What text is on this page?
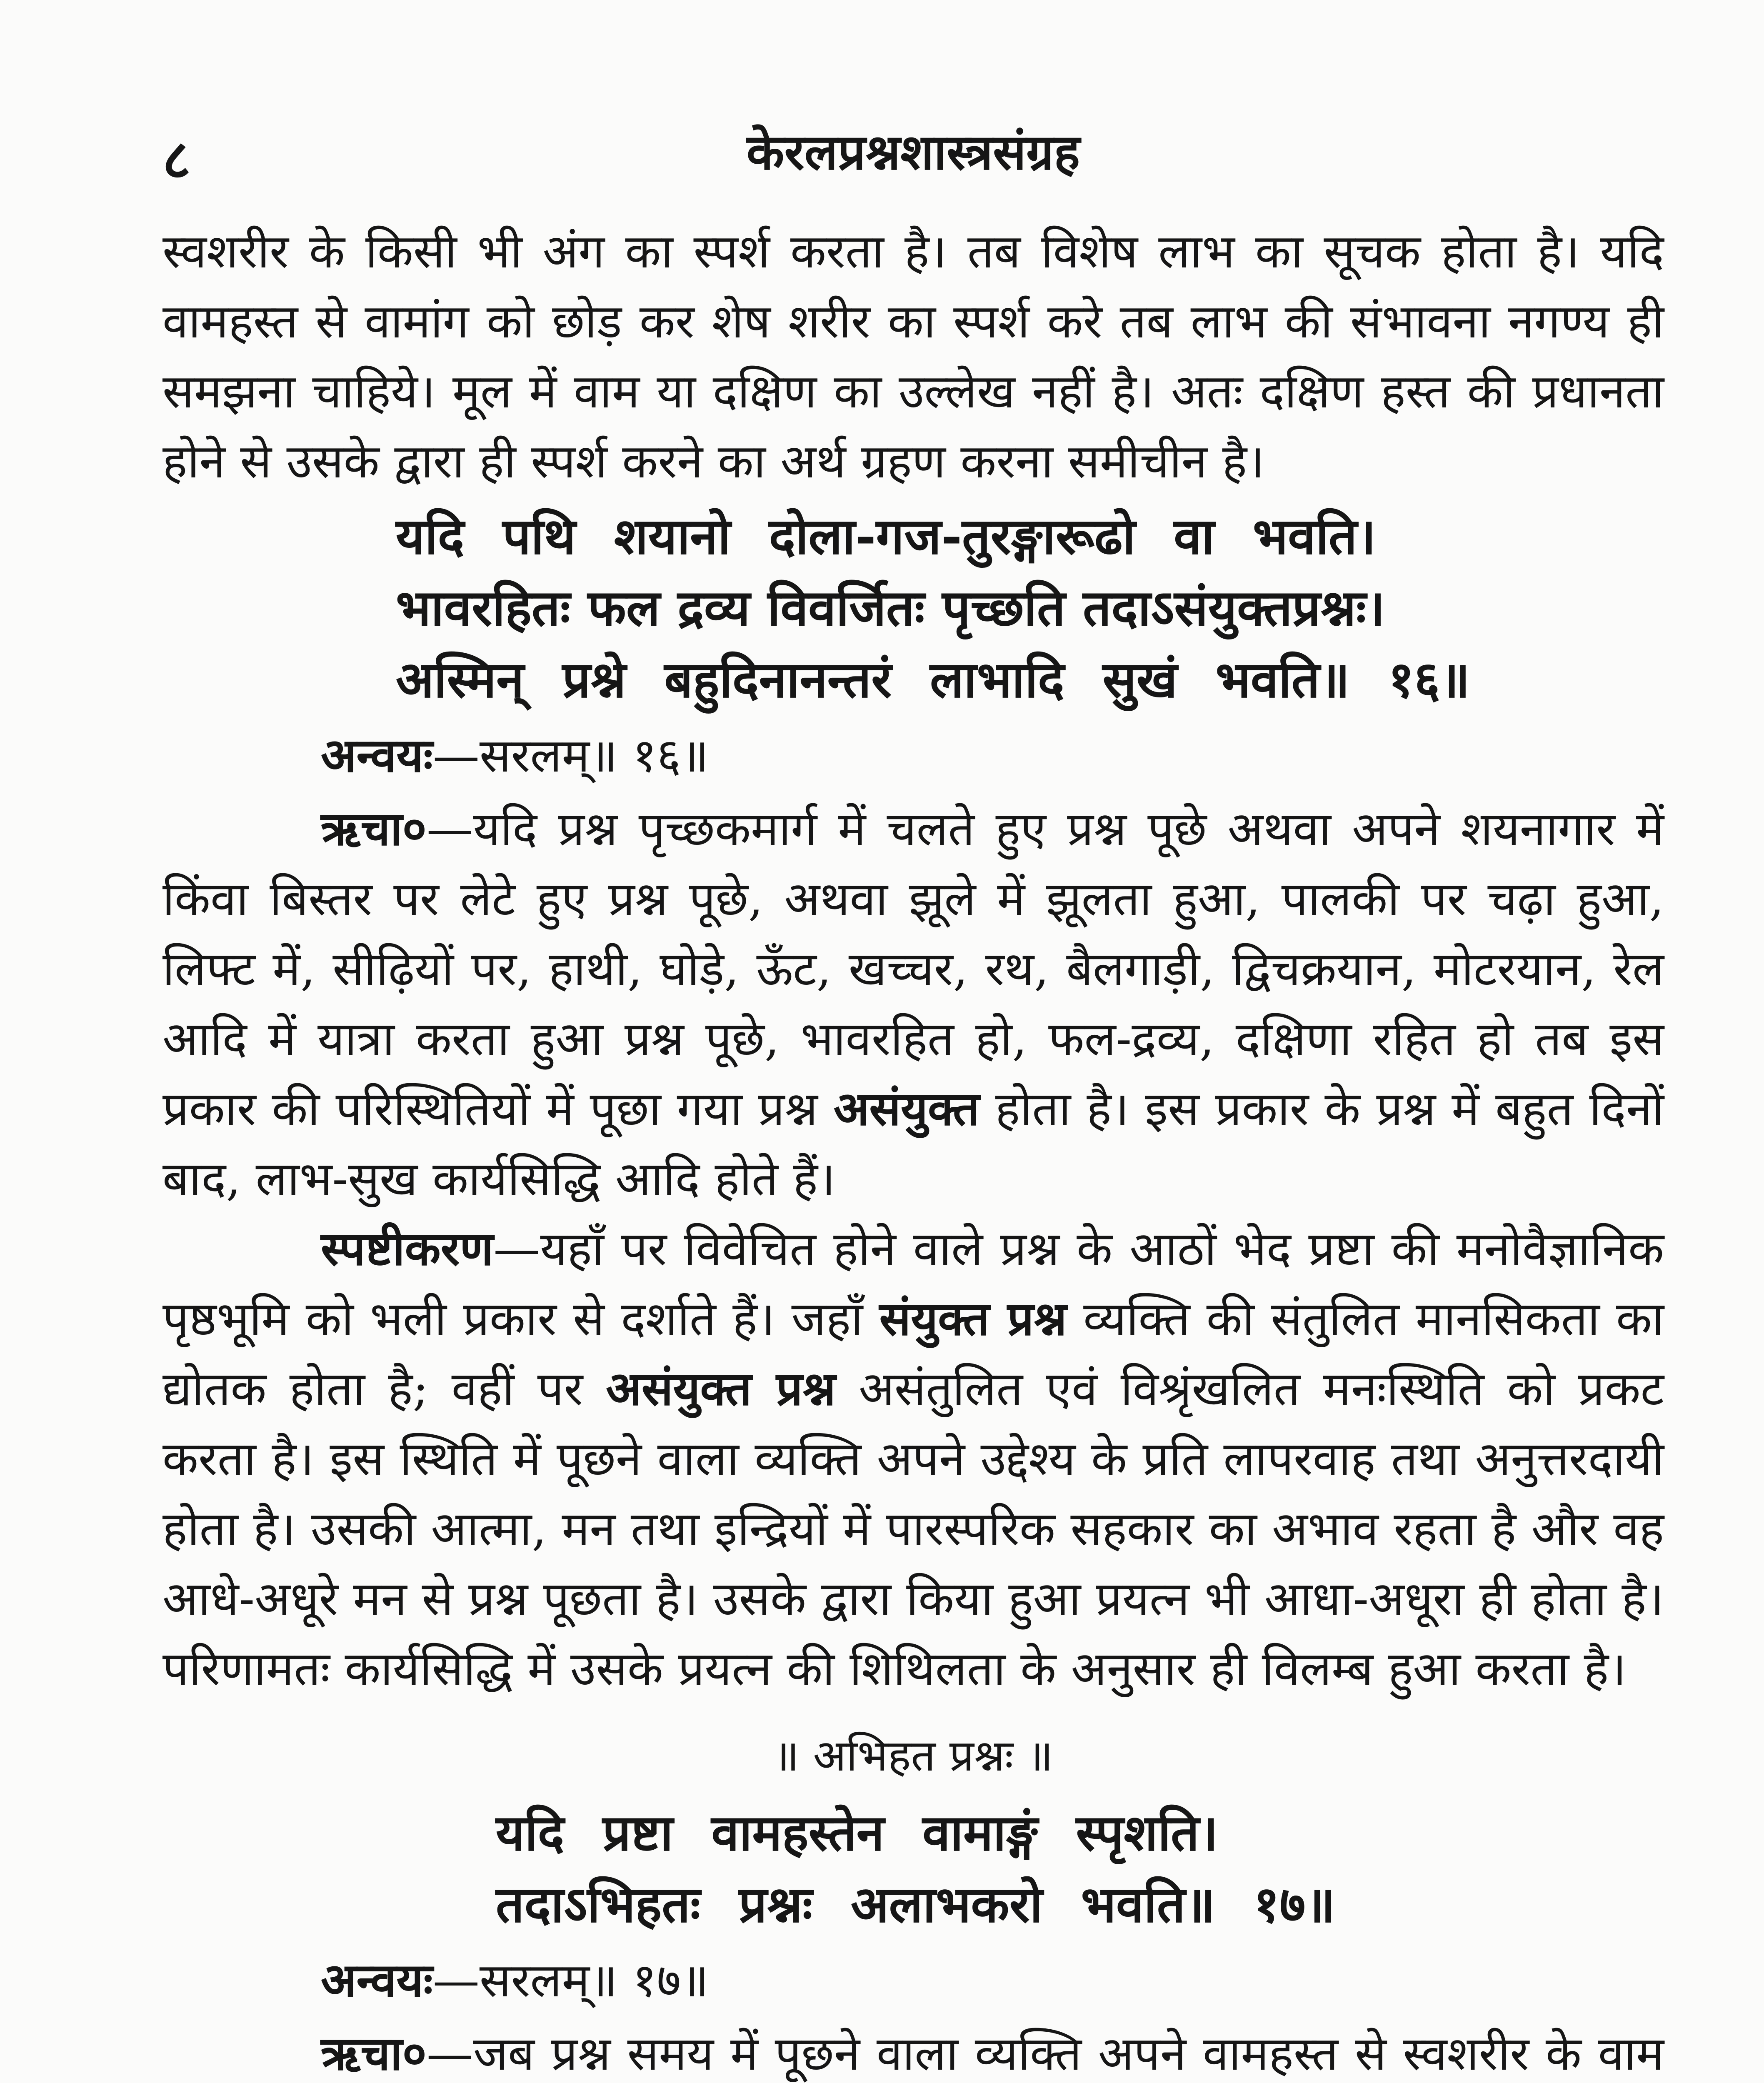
८	केरलप्रश्नशास्त्रसंग्रह

स्वशरीर के किसी भी अंग का स्पर्श करता है। तब विशेष लाभ का सूचक होता है। यदि वामहस्त से वामांग को छोड़ कर शेष शरीर का स्पर्श करे तब लाभ की संभावना नगण्य ही समझना चाहिये। मूल में वाम या दक्षिण का उल्लेख नहीं है। अतः दक्षिण हस्त की प्रधानता होने से उसके द्वारा ही स्पर्श करने का अर्थ ग्रहण करना समीचीन है।

यदि पथि शयानो दोला-गज-तुरङ्गारूढो वा भवति।

भावरहितः फल द्रव्य विवर्जितः पृच्छति तदाऽसंयुक्तप्रश्नः।

अस्मिन् प्रश्ने बहुदिनानन्तरं लाभादि सुखं भवति॥ १६॥

अन्वयः—सरलम्॥ १६॥

ऋचा०—यदि प्रश्न पृच्छकमार्ग में चलते हुए प्रश्न पूछे अथवा अपने शयनागार में किंवा बिस्तर पर लेटे हुए प्रश्न पूछे, अथवा झूले में झूलता हुआ, पालकी पर चढ़ा हुआ, लिफ्ट में, सीढ़ियों पर, हाथी, घोड़े, ऊँट, खच्चर, रथ, बैलगाड़ी, द्विचक्रयान, मोटरयान, रेल आदि में यात्रा करता हुआ प्रश्न पूछे, भावरहित हो, फल-द्रव्य, दक्षिणा रहित हो तब इस प्रकार की परिस्थितियों में पूछा गया प्रश्न असंयुक्त होता है। इस प्रकार के प्रश्न में बहुत दिनों बाद, लाभ-सुख कार्यसिद्धि आदि होते हैं।

स्पष्टीकरण—यहाँ पर विवेचित होने वाले प्रश्न के आठों भेद प्रष्टा की मनोवैज्ञानिक पृष्ठभूमि को भली प्रकार से दर्शाते हैं। जहाँ संयुक्त प्रश्न व्यक्ति की संतुलित मानसिकता का द्योतक होता है; वहीं पर असंयुक्त प्रश्न असंतुलित एवं विश्रृंखलित मनःस्थिति को प्रकट करता है। इस स्थिति में पूछने वाला व्यक्ति अपने उद्देश्य के प्रति लापरवाह तथा अनुत्तरदायी होता है। उसकी आत्मा, मन तथा इन्द्रियों में पारस्परिक सहकार का अभाव रहता है और वह आधे-अधूरे मन से प्रश्न पूछता है। उसके द्वारा किया हुआ प्रयत्न भी आधा-अधूरा ही होता है। परिणामतः कार्यसिद्धि में उसके प्रयत्न की शिथिलता के अनुसार ही विलम्ब हुआ करता है।

॥ अभिहत प्रश्नः ॥

यदि प्रष्टा वामहस्तेन वामाङ्गं स्पृशति।

तदाऽभिहतः प्रश्नः अलाभकरो भवति॥ १७॥

अन्वयः—सरलम्॥ १७॥

ऋचा०—जब प्रश्न समय में पूछने वाला व्यक्ति अपने वामहस्त से स्वशरीर के वाम
